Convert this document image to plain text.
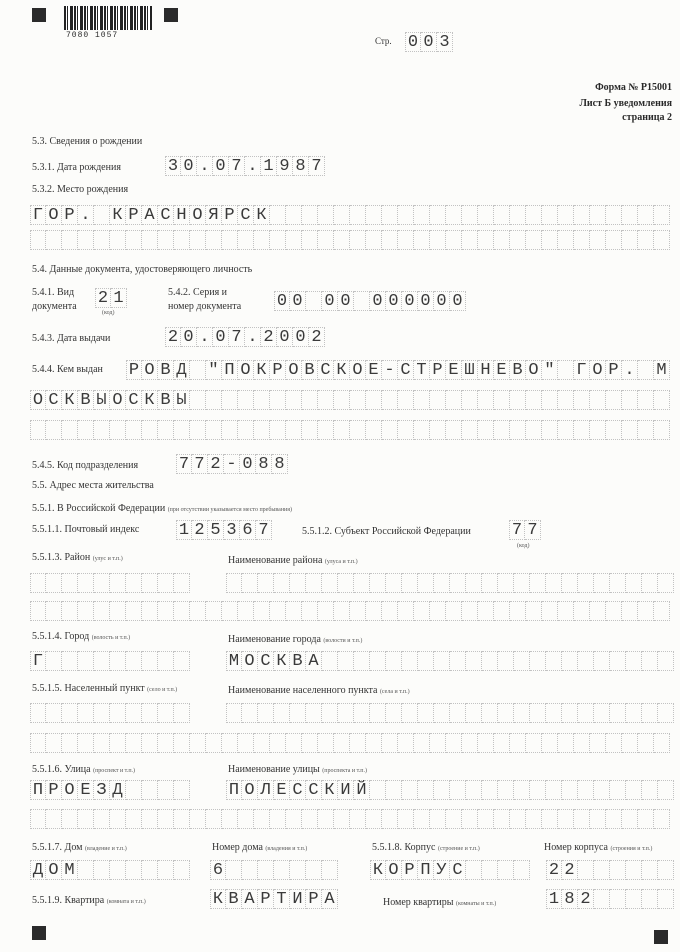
7080 1057
Стр. 0 0 3
Форма № Р15001
Лист Б уведомления
страница 2
5.3. Сведения о рождении
5.3.1. Дата рождения	3 0 . 0 7 . 1 9 8 7
5.3.2. Место рождения
Г О Р . К Р А С Н О Я Р С К
5.4. Данные документа, удостоверяющего личность
5.4.1. Вид
документа 2 1
(код)
5.4.2. Серия и
номер документа 0 0 0 0 0 0 0 0 0 0
5.4.3. Дата выдачи	2 0 . 0 7 . 2 0 0 2
5.4.4. Кем выдан Р О В Д " П О К Р О В С К О Е - С Т Р Е Ш Н Е В О " Г О Р . М
О С К В Ы О С К В Ы
5.4.5. Код подразделения 7 7 2 - 0 8 8
5.5. Адрес места жительства
5.5.1. В Российской Федерации (при отсутствии указывается место пребывания)
5.5.1.1. Почтовый индекс 1 2 5 3 6 7	5.5.1.2. Субъект Российской Федерации 7 7
(код)
5.5.1.3. Район (улус и т.п.)	Наименование района (улуса и т.п.)
5.5.1.4. Город (волость и т.п.)	Наименование города (волости и т.п.)
Г	М О С К В А
5.5.1.5. Населенный пункт (село и т.п.)	Наименование населенного пункта (села и т.п.)
5.5.1.6. Улица (проспект и т.п.)	Наименование улицы (проспекта и т.п.)
П Р О Е З Д	П О Л Е С С К И Й
5.5.1.7. Дом (владение и т.п.)	Номер дома (владения и т.п.)	5.5.1.8. Корпус (строение и т.п.)	Номер корпуса (строения и т.п.)
Д О М	6	К О Р П У С	2 2
5.5.1.9. Квартира (комната и т.п.)	К В А Р Т И Р А	Номер квартиры (комнаты и т.п.)	1 8 2
